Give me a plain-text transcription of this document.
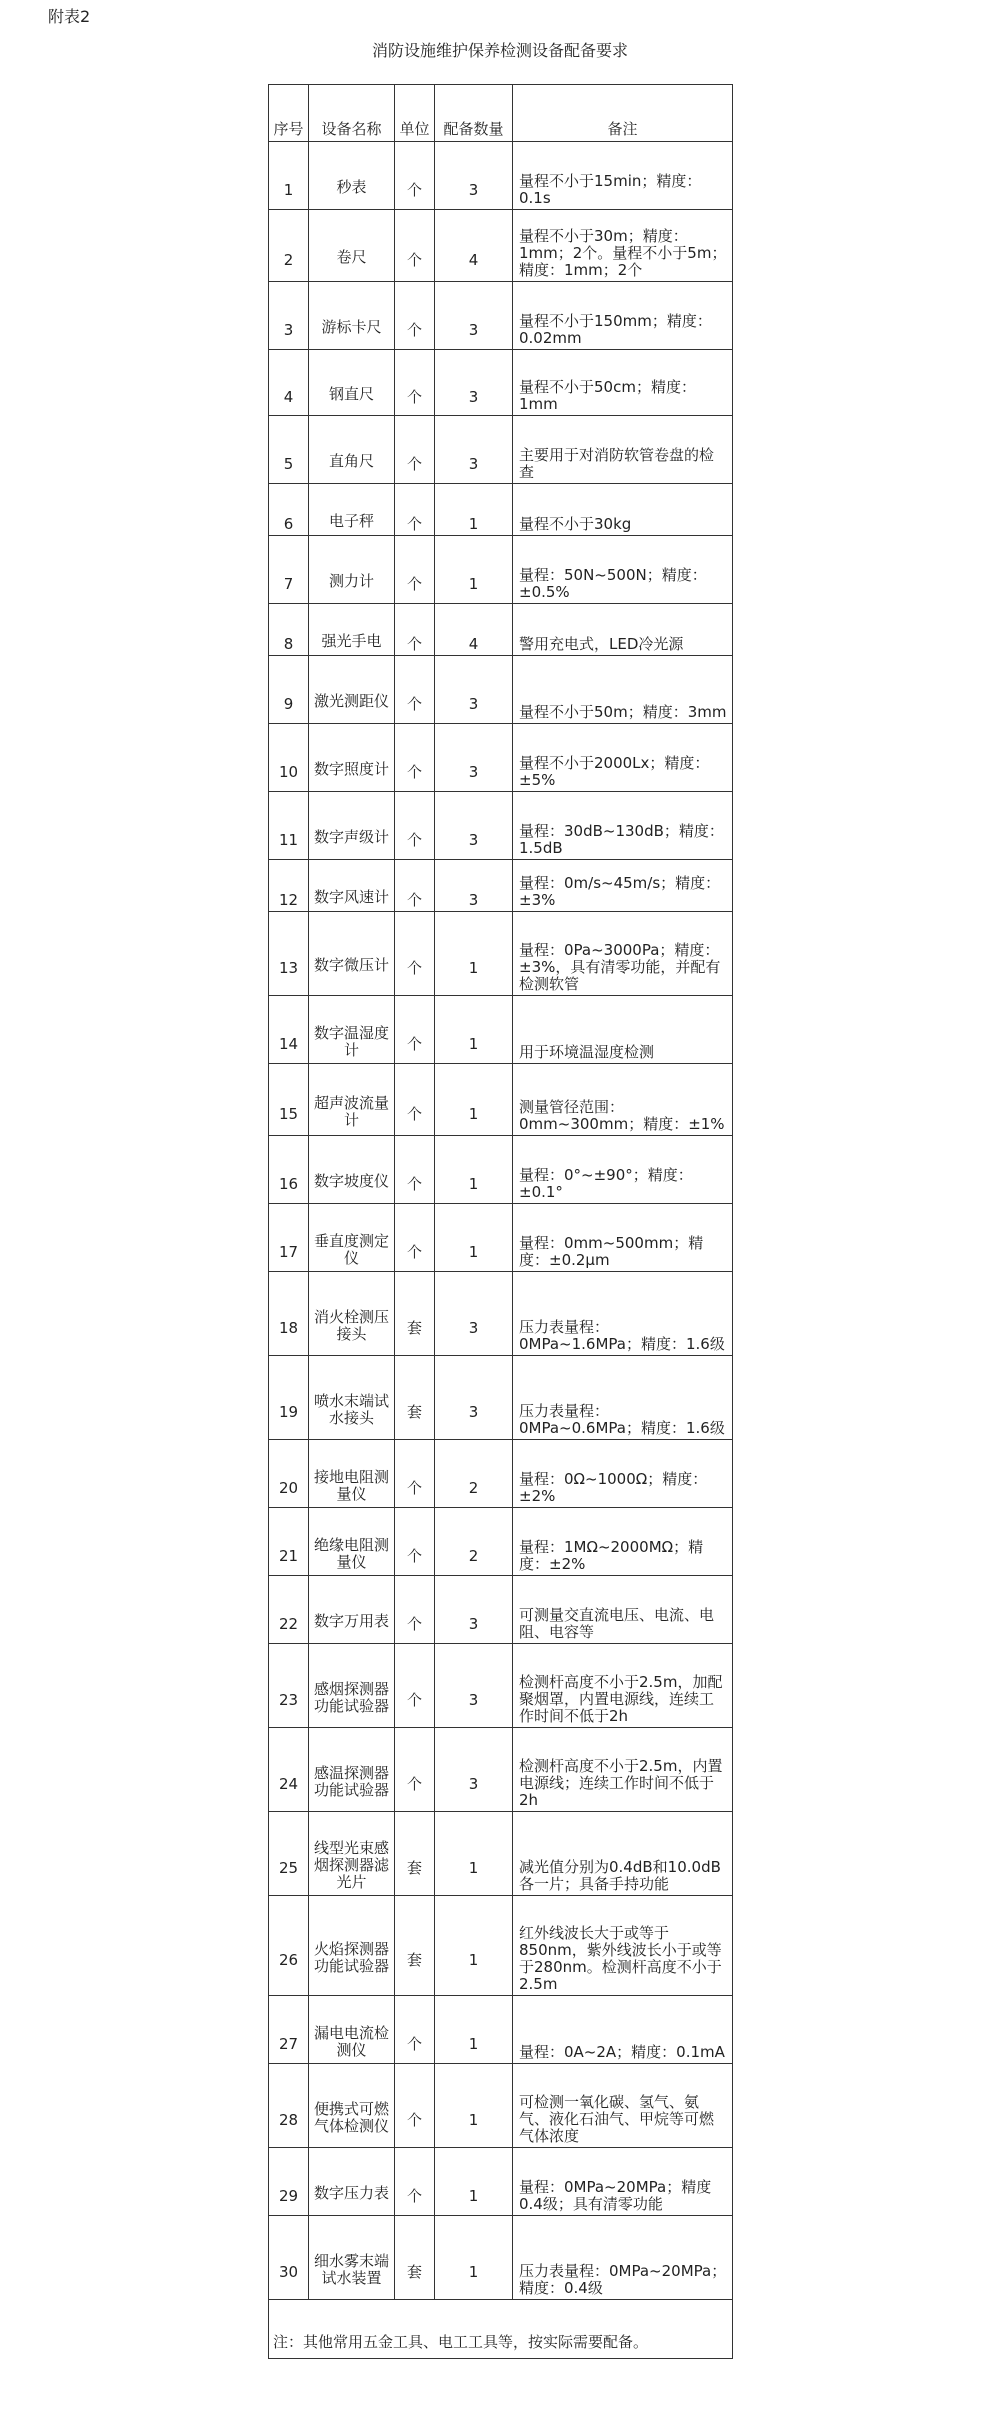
附表2
消防设施维护保养检测设备配备要求
序号	设备名称	单位	配备数量	备注
1	秒表	个	3	量程不小于15min；精度：0.1s
2	卷尺	个	4	量程不小于30m；精度：1mm；2个。量程不小于5m；精度：1mm；2个
3	游标卡尺	个	3	量程不小于150mm；精度：0.02mm
4	钢直尺	个	3	量程不小于50cm；精度：1mm
5	直角尺	个	3	主要用于对消防软管卷盘的检查
6	电子秤	个	1	量程不小于30kg
7	测力计	个	1	量程：50N~500N；精度：±0.5%
8	强光手电	个	4	警用充电式，LED冷光源
9	激光测距仪	个	3	量程不小于50m；精度：3mm
10	数字照度计	个	3	量程不小于2000Lx；精度：±5%
11	数字声级计	个	3	量程：30dB~130dB；精度：1.5dB
12	数字风速计	个	3	量程：0m/s~45m/s；精度：±3%
13	数字微压计	个	1	量程：0Pa~3000Pa；精度：±3%，具有清零功能，并配有检测软管
14	数字温湿度计	个	1	用于环境温湿度检测
15	超声波流量计	个	1	测量管径范围：0mm~300mm；精度：±1%
16	数字坡度仪	个	1	量程：0°~±90°；精度：±0.1°
17	垂直度测定仪	个	1	量程：0mm~500mm；精度：±0.2μm
18	消火栓测压接头	套	3	压力表量程：0MPa~1.6MPa；精度：1.6级
19	喷水末端试水接头	套	3	压力表量程：0MPa~0.6MPa；精度：1.6级
20	接地电阻测量仪	个	2	量程：0Ω~1000Ω；精度：±2%
21	绝缘电阻测量仪	个	2	量程：1MΩ~2000MΩ；精度：±2%
22	数字万用表	个	3	可测量交直流电压、电流、电阻、电容等
23	感烟探测器功能试验器	个	3	检测杆高度不小于2.5m，加配聚烟罩，内置电源线，连续工作时间不低于2h
24	感温探测器功能试验器	个	3	检测杆高度不小于2.5m，内置电源线；连续工作时间不低于2h
25	线型光束感烟探测器滤光片	套	1	减光值分别为0.4dB和10.0dB各一片；具备手持功能
26	火焰探测器功能试验器	套	1	红外线波长大于或等于850nm，紫外线波长小于或等于280nm。检测杆高度不小于2.5m
27	漏电电流检测仪	个	1	量程：0A~2A；精度：0.1mA
28	便携式可燃气体检测仪	个	1	可检测一氧化碳、氢气、氨气、液化石油气、甲烷等可燃气体浓度
29	数字压力表	个	1	量程：0MPa~20MPa；精度0.4级；具有清零功能
30	细水雾末端试水装置	套	1	压力表量程：0MPa~20MPa；精度：0.4级
注：其他常用五金工具、电工工具等，按实际需要配备。				
